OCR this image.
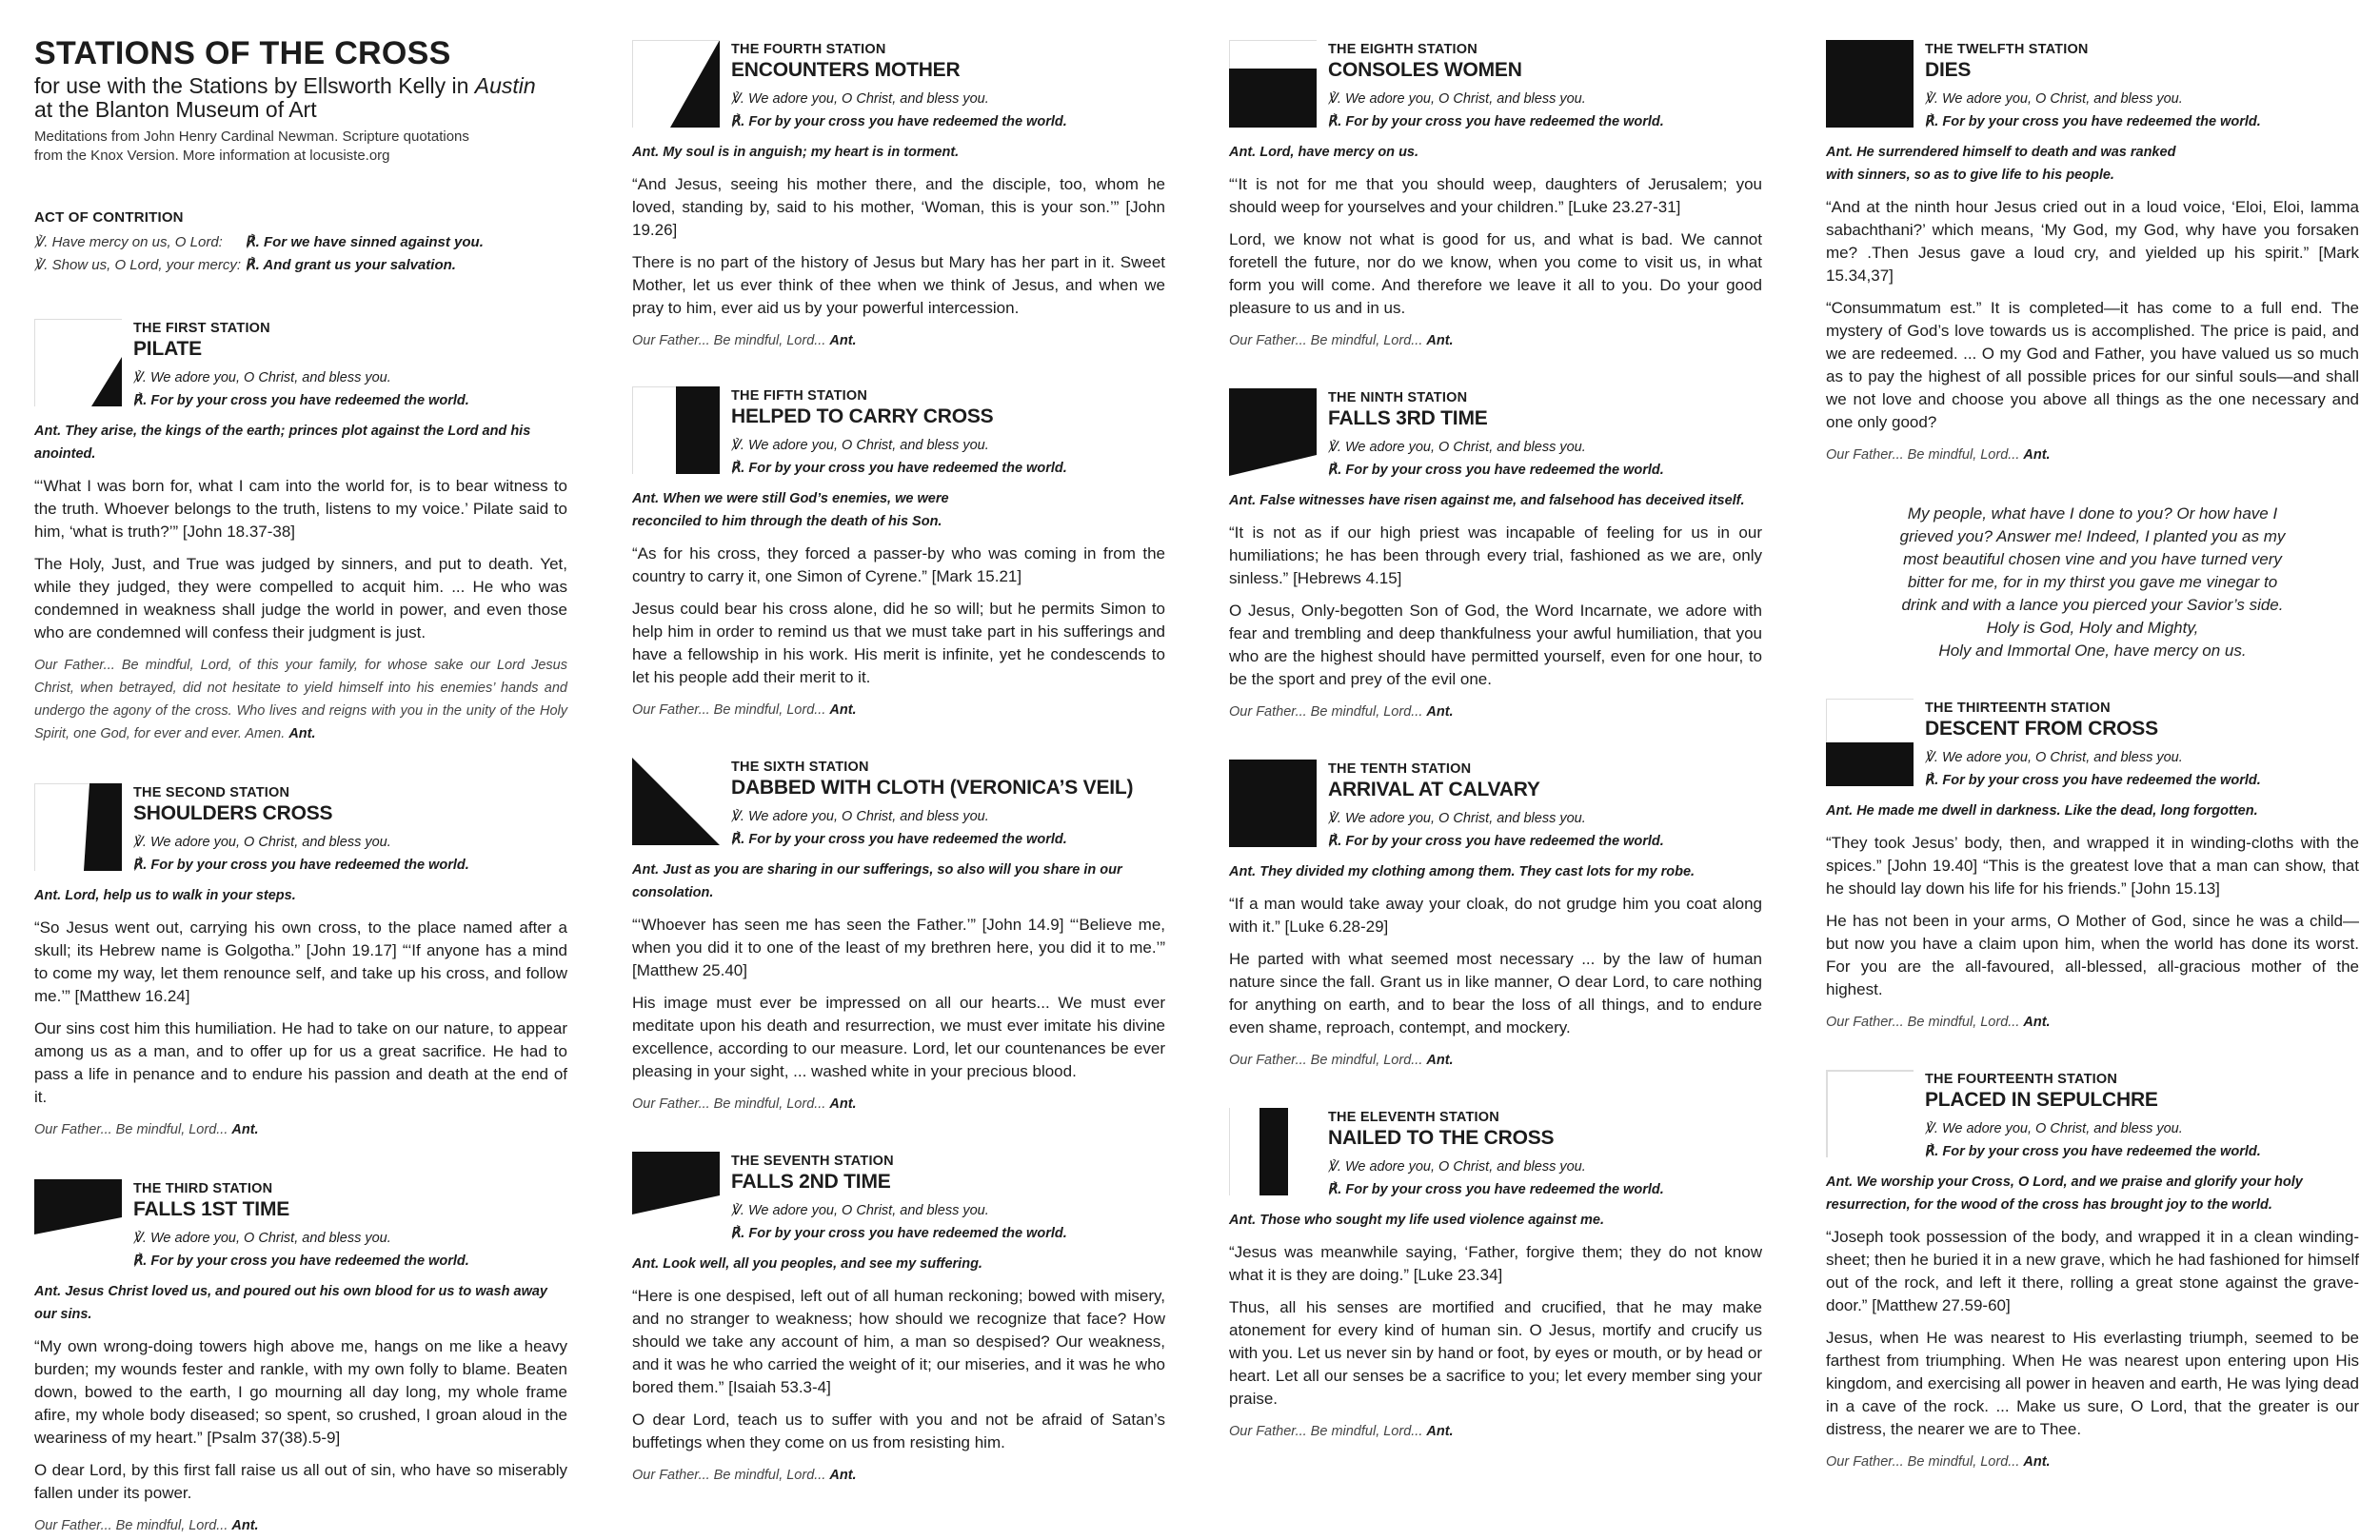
STATIONS OF THE CROSS
for use with the Stations by Ellsworth Kelly in Austin
at the Blanton Museum of Art
Meditations from John Henry Cardinal Newman. Scripture quotations
from the Knox Version. More information at locusiste.org
ACT OF CONTRITION
℣. Have mercy on us, O Lord:	℟. For we have sinned against you.
℣. Show us, O Lord, your mercy: ℟. And grant us your salvation.
THE FIRST STATION
PILATE
℣. We adore you, O Christ, and bless you.
℟. For by your cross you have redeemed the world.
Ant. They arise, the kings of the earth; princes plot against the Lord and his anointed.
“‘What I was born for, what I cam into the world for, is to bear witness to the truth. Whoever belongs to the truth, listens to my voice.’ Pilate said to him, ‘what is truth?’” [John 18.37-38]
The Holy, Just, and True was judged by sinners, and put to death. Yet, while they judged, they were compelled to acquit him. ... He who was condemned in weakness shall judge the world in power, and even those who are condemned will confess their judgment is just.
Our Father... Be mindful, Lord, of this your family, for whose sake our Lord Jesus Christ, when betrayed, did not hesitate to yield himself into his enemies’ hands and undergo the agony of the cross. Who lives and reigns with you in the unity of the Holy Spirit, one God, for ever and ever. Amen. Ant.
THE SECOND STATION
SHOULDERS CROSS
℣. We adore you, O Christ, and bless you.
℟. For by your cross you have redeemed the world.
Ant. Lord, help us to walk in your steps.
“So Jesus went out, carrying his own cross, to the place named after a skull; its Hebrew name is Golgotha.” [John 19.17] “‘If anyone has a mind to come my way, let them renounce self, and take up his cross, and follow me.’” [Matthew 16.24]
Our sins cost him this humiliation. He had to take on our nature, to appear among us as a man, and to offer up for us a great sacrifice. He had to pass a life in penance and to endure his passion and death at the end of it.
Our Father... Be mindful, Lord... Ant.
THE THIRD STATION
FALLS 1ST TIME
℣. We adore you, O Christ, and bless you.
℟. For by your cross you have redeemed the world.
Ant. Jesus Christ loved us, and poured out his own blood for us to wash away our sins.
“My own wrong-doing towers high above me, hangs on me like a heavy burden; my wounds fester and rankle, with my own folly to blame. Beaten down, bowed to the earth, I go mourning all day long, my whole frame afire, my whole body diseased; so spent, so crushed, I groan aloud in the weariness of my heart.” [Psalm 37(38).5-9]
O dear Lord, by this first fall raise us all out of sin, who have so miserably fallen under its power.
Our Father... Be mindful, Lord... Ant.
THE FOURTH STATION
ENCOUNTERS MOTHER
℣. We adore you, O Christ, and bless you.
℟. For by your cross you have redeemed the world.
Ant. My soul is in anguish; my heart is in torment.
“And Jesus, seeing his mother there, and the disciple, too, whom he loved, standing by, said to his mother, ‘Woman, this is your son.’” [John 19.26]
There is no part of the history of Jesus but Mary has her part in it. Sweet Mother, let us ever think of thee when we think of Jesus, and when we pray to him, ever aid us by your powerful intercession.
Our Father... Be mindful, Lord... Ant.
THE FIFTH STATION
HELPED TO CARRY CROSS
℣. We adore you, O Christ, and bless you.
℟. For by your cross you have redeemed the world.
Ant. When we were still God’s enemies, we were
reconciled to him through the death of his Son.
“As for his cross, they forced a passer-by who was coming in from the country to carry it, one Simon of Cyrene.” [Mark 15.21]
Jesus could bear his cross alone, did he so will; but he permits Simon to help him in order to remind us that we must take part in his sufferings and have a fellowship in his work. His merit is infinite, yet he condescends to let his people add their merit to it.
Our Father... Be mindful, Lord... Ant.
THE SIXTH STATION
DABBED WITH CLOTH (VERONICA’S VEIL)
℣. We adore you, O Christ, and bless you.
℟. For by your cross you have redeemed the world.
Ant. Just as you are sharing in our sufferings, so also will you share in our consolation.
“‘Whoever has seen me has seen the Father.’” [John 14.9] “‘Believe me, when you did it to one of the least of my brethren here, you did it to me.’” [Matthew 25.40]
His image must ever be impressed on all our hearts... We must ever meditate upon his death and resurrection, we must ever imitate his divine excellence, according to our measure. Lord, let our countenances be ever pleasing in your sight, ... washed white in your precious blood.
Our Father... Be mindful, Lord... Ant.
THE SEVENTH STATION
FALLS 2ND TIME
℣. We adore you, O Christ, and bless you.
℟. For by your cross you have redeemed the world.
Ant. Look well, all you peoples, and see my suffering.
“Here is one despised, left out of all human reckoning; bowed with misery, and no stranger to weakness; how should we recognize that face? How should we take any account of him, a man so despised? Our weakness, and it was he who carried the weight of it; our miseries, and it was he who bored them.” [Isaiah 53.3-4]
O dear Lord, teach us to suffer with you and not be afraid of Satan’s buffetings when they come on us from resisting him.
Our Father... Be mindful, Lord... Ant.
THE EIGHTH STATION
CONSOLES WOMEN
℣. We adore you, O Christ, and bless you.
℟. For by your cross you have redeemed the world.
Ant. Lord, have mercy on us.
“‘It is not for me that you should weep, daughters of Jerusalem; you should weep for yourselves and your children.” [Luke 23.27-31]
Lord, we know not what is good for us, and what is bad. We cannot foretell the future, nor do we know, when you come to visit us, in what form you will come. And therefore we leave it all to you. Do your good pleasure to us and in us.
Our Father... Be mindful, Lord... Ant.
THE NINTH STATION
FALLS 3RD TIME
℣. We adore you, O Christ, and bless you.
℟. For by your cross you have redeemed the world.
Ant. False witnesses have risen against me, and falsehood has deceived itself.
“It is not as if our high priest was incapable of feeling for us in our humiliations; he has been through every trial, fashioned as we are, only sinless.” [Hebrews 4.15]
O Jesus, Only-begotten Son of God, the Word Incarnate, we adore with fear and trembling and deep thankfulness your awful humiliation, that you who are the highest should have permitted yourself, even for one hour, to be the sport and prey of the evil one.
Our Father... Be mindful, Lord... Ant.
THE TENTH STATION
ARRIVAL AT CALVARY
℣. We adore you, O Christ, and bless you.
℟. For by your cross you have redeemed the world.
Ant. They divided my clothing among them. They cast lots for my robe.
“If a man would take away your cloak, do not grudge him you coat along with it.” [Luke 6.28-29]
He parted with what seemed most necessary ... by the law of human nature since the fall. Grant us in like manner, O dear Lord, to care nothing for anything on earth, and to bear the loss of all things, and to endure even shame, reproach, contempt, and mockery.
Our Father... Be mindful, Lord... Ant.
THE ELEVENTH STATION
NAILED TO THE CROSS
℣. We adore you, O Christ, and bless you.
℟. For by your cross you have redeemed the world.
Ant. Those who sought my life used violence against me.
“Jesus was meanwhile saying, ‘Father, forgive them; they do not know what it is they are doing.” [Luke 23.34]
Thus, all his senses are mortified and crucified, that he may make atonement for every kind of human sin. O Jesus, mortify and crucify us with you. Let us never sin by hand or foot, by eyes or mouth, or by head or heart. Let all our senses be a sacrifice to you; let every member sing your praise.
Our Father... Be mindful, Lord... Ant.
THE TWELFTH STATION
DIES
℣. We adore you, O Christ, and bless you.
℟. For by your cross you have redeemed the world.
Ant. He surrendered himself to death and was ranked
with sinners, so as to give life to his people.
“And at the ninth hour Jesus cried out in a loud voice, ‘Eloi, Eloi, lamma sabachthani?’ which means, ‘My God, my God, why have you forsaken me? .Then Jesus gave a loud cry, and yielded up his spirit.” [Mark 15.34,37]
“Consummatum est.” It is completed—it has come to a full end. The mystery of God’s love towards us is accomplished. The price is paid, and we are redeemed. ... O my God and Father, you have valued us so much as to pay the highest of all possible prices for our sinful souls—and shall we not love and choose you above all things as the one necessary and one only good?
Our Father... Be mindful, Lord... Ant.
My people, what have I done to you? Or how have I
grieved you? Answer me! Indeed, I planted you as my
most beautiful chosen vine and you have turned very
bitter for me, for in my thirst you gave me vinegar to
drink and with a lance you pierced your Savior’s side.
Holy is God, Holy and Mighty,
Holy and Immortal One, have mercy on us.
THE THIRTEENTH STATION
DESCENT FROM CROSS
℣. We adore you, O Christ, and bless you.
℟. For by your cross you have redeemed the world.
Ant. He made me dwell in darkness. Like the dead, long forgotten.
“They took Jesus’ body, then, and wrapped it in winding-cloths with the spices.” [John 19.40] “This is the greatest love that a man can show, that he should lay down his life for his friends.” [John 15.13]
He has not been in your arms, O Mother of God, since he was a child—but now you have a claim upon him, when the world has done its worst. For you are the all-favoured, all-blessed, all-gracious mother of the highest.
Our Father... Be mindful, Lord... Ant.
THE FOURTEENTH STATION
PLACED IN SEPULCHRE
℣. We adore you, O Christ, and bless you.
℟. For by your cross you have redeemed the world.
Ant. We worship your Cross, O Lord, and we praise and glorify your holy
resurrection, for the wood of the cross has brought joy to the world.
“Joseph took possession of the body, and wrapped it in a clean winding-sheet; then he buried it in a new grave, which he had fashioned for himself out of the rock, and left it there, rolling a great stone against the grave-door.” [Matthew 27.59-60]
Jesus, when He was nearest to His everlasting triumph, seemed to be farthest from triumphing. When He was nearest upon entering upon His kingdom, and exercising all power in heaven and earth, He was lying dead in a cave of the rock. ... Make us sure, O Lord, that the greater is our distress, the nearer we are to Thee.
Our Father... Be mindful, Lord... Ant.
